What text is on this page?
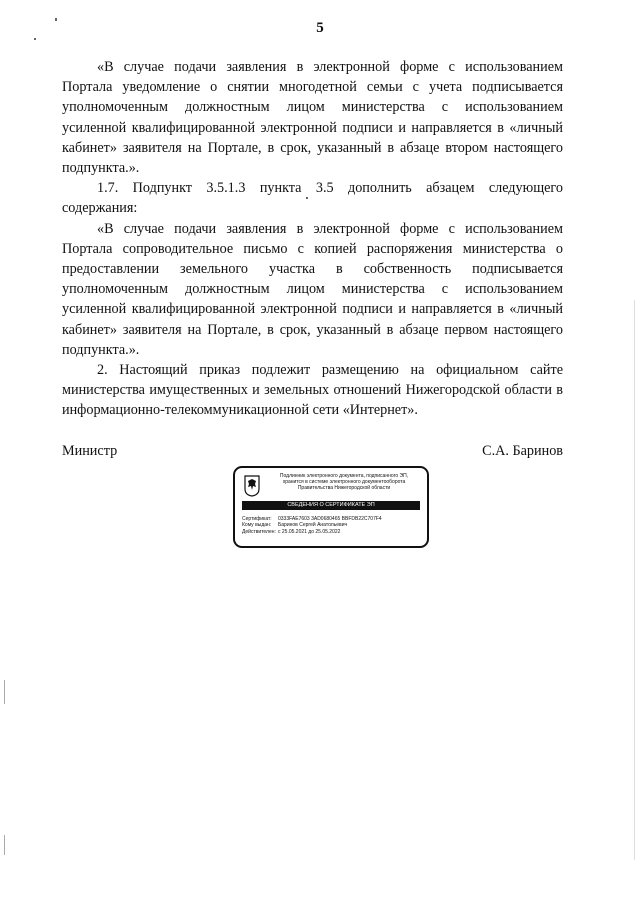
5

«В случае подачи заявления в электронной форме с использованием Портала уведомление о снятии многодетной семьи с учета подписывается уполномоченным должностным лицом министерства с использованием усиленной квалифицированной электронной подписи и направляется в «личный кабинет» заявителя на Портале, в срок, указанный в абзаце втором настоящего подпункта.».

1.7. Подпункт 3.5.1.3 пункта 3.5 дополнить абзацем следующего содержания:

«В случае подачи заявления в электронной форме с использованием Портала сопроводительное письмо с копией распоряжения министерства о предоставлении земельного участка в собственность подписывается уполномоченным должностным лицом министерства с использованием усиленной квалифицированной электронной подписи и направляется в «личный кабинет» заявителя на Портале, в срок, указанный в абзаце первом настоящего подпункта.».

2. Настоящий приказ подлежит размещению на официальном сайте министерства имущественных и земельных отношений Нижегородской области в информационно-телекоммуникационной сети «Интернет».

Министр	С.А. Баринов
Подлинник электронного документа, подписанного ЭП,
хранится в системе электронного документооборота
Правительства Нижегородской области
СВЕДЕНИЯ О СЕРТИФИКАТЕ ЭП
Сертификат:	0333FAE7603 3AD0680465 BBFDB22C707F4
Кому выдан:	Баринов Сергей Анатольевич
Действителен: с 25.05.2021 до 25.05.2022
